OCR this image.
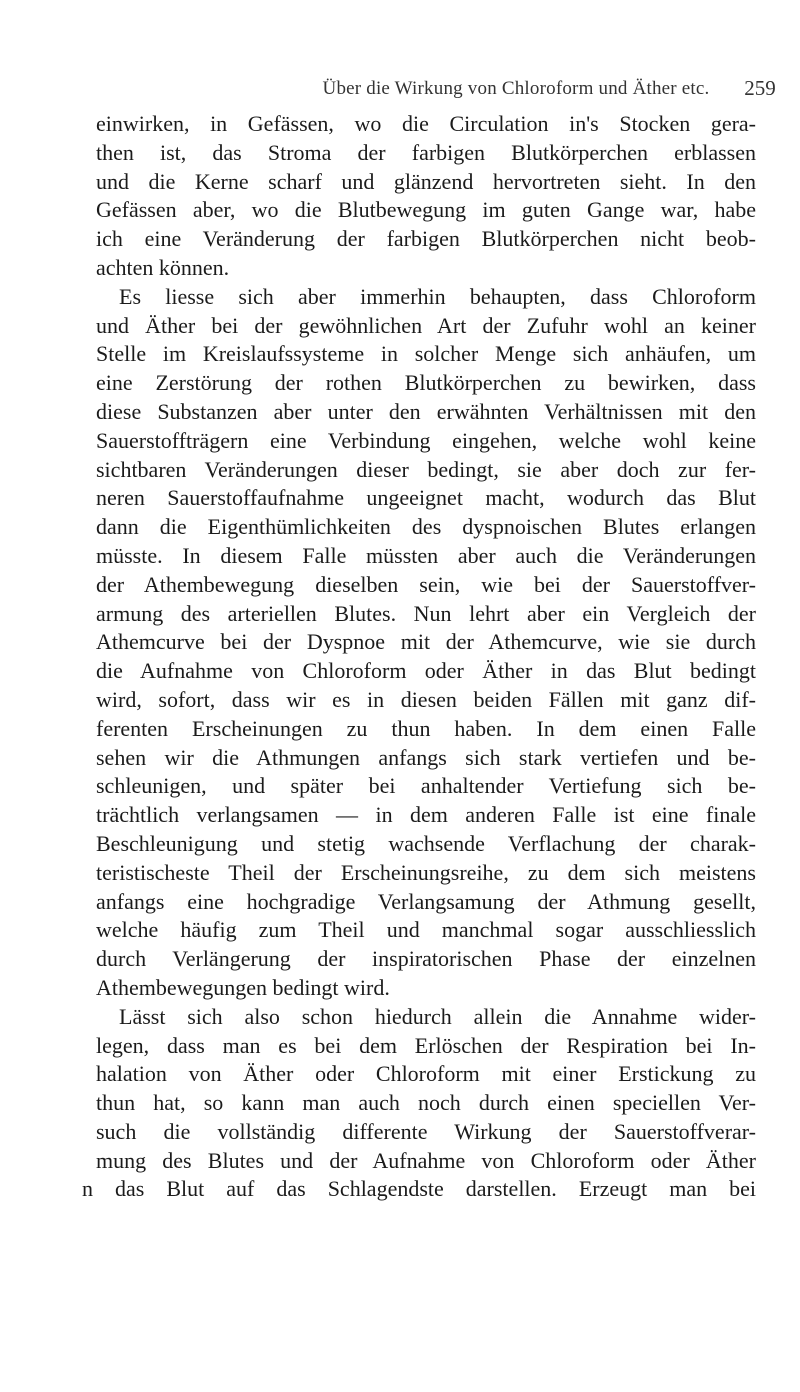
Über die Wirkung von Chloroform und Äther etc. 259
einwirken, in Gefässen, wo die Circulation in's Stocken gera-
then ist, das Stroma der farbigen Blutkörperchen erblassen
und die Kerne scharf und glänzend hervortreten sieht. In den
Gefässen aber, wo die Blutbewegung im guten Gange war, habe
ich eine Veränderung der farbigen Blutkörperchen nicht beob-
achten können.
Es liesse sich aber immerhin behaupten, dass Chloroform
und Äther bei der gewöhnlichen Art der Zufuhr wohl an keiner
Stelle im Kreislaufssysteme in solcher Menge sich anhäufen, um
eine Zerstörung der rothen Blutkörperchen zu bewirken, dass
diese Substanzen aber unter den erwähnten Verhältnissen mit den
Sauerstoffträgern eine Verbindung eingehen, welche wohl keine
sichtbaren Veränderungen dieser bedingt, sie aber doch zur fer-
neren Sauerstoffaufnahme ungeeignet macht, wodurch das Blut
dann die Eigenthümlichkeiten des dyspnoischen Blutes erlangen
müsste. In diesem Falle müssten aber auch die Veränderungen
der Athembewegung dieselben sein, wie bei der Sauerstoffver-
armung des arteriellen Blutes. Nun lehrt aber ein Vergleich der
Athemcurve bei der Dyspnoe mit der Athemcurve, wie sie durch
die Aufnahme von Chloroform oder Äther in das Blut bedingt
wird, sofort, dass wir es in diesen beiden Fällen mit ganz dif-
ferenten Erscheinungen zu thun haben. In dem einen Falle
sehen wir die Athmungen anfangs sich stark vertiefen und be-
schleunigen, und später bei anhaltender Vertiefung sich be-
trächtlich verlangsamen — in dem anderen Falle ist eine finale
Beschleunigung und stetig wachsende Verflachung der charak-
teristischeste Theil der Erscheinungsreihe, zu dem sich meistens
anfangs eine hochgradige Verlangsamung der Athmung gesellt,
welche häufig zum Theil und manchmal sogar ausschliesslich
durch Verlängerung der inspiratorischen Phase der einzelnen
Athembewegungen bedingt wird.
Lässt sich also schon hiedurch allein die Annahme wider-
legen, dass man es bei dem Erlöschen der Respiration bei In-
halation von Äther oder Chloroform mit einer Erstickung zu
thun hat, so kann man auch noch durch einen speciellen Ver-
such die vollständig differente Wirkung der Sauerstoffverar-
mung des Blutes und der Aufnahme von Chloroform oder Äther
n das Blut auf das Schlagendste darstellen. Erzeugt man bei
